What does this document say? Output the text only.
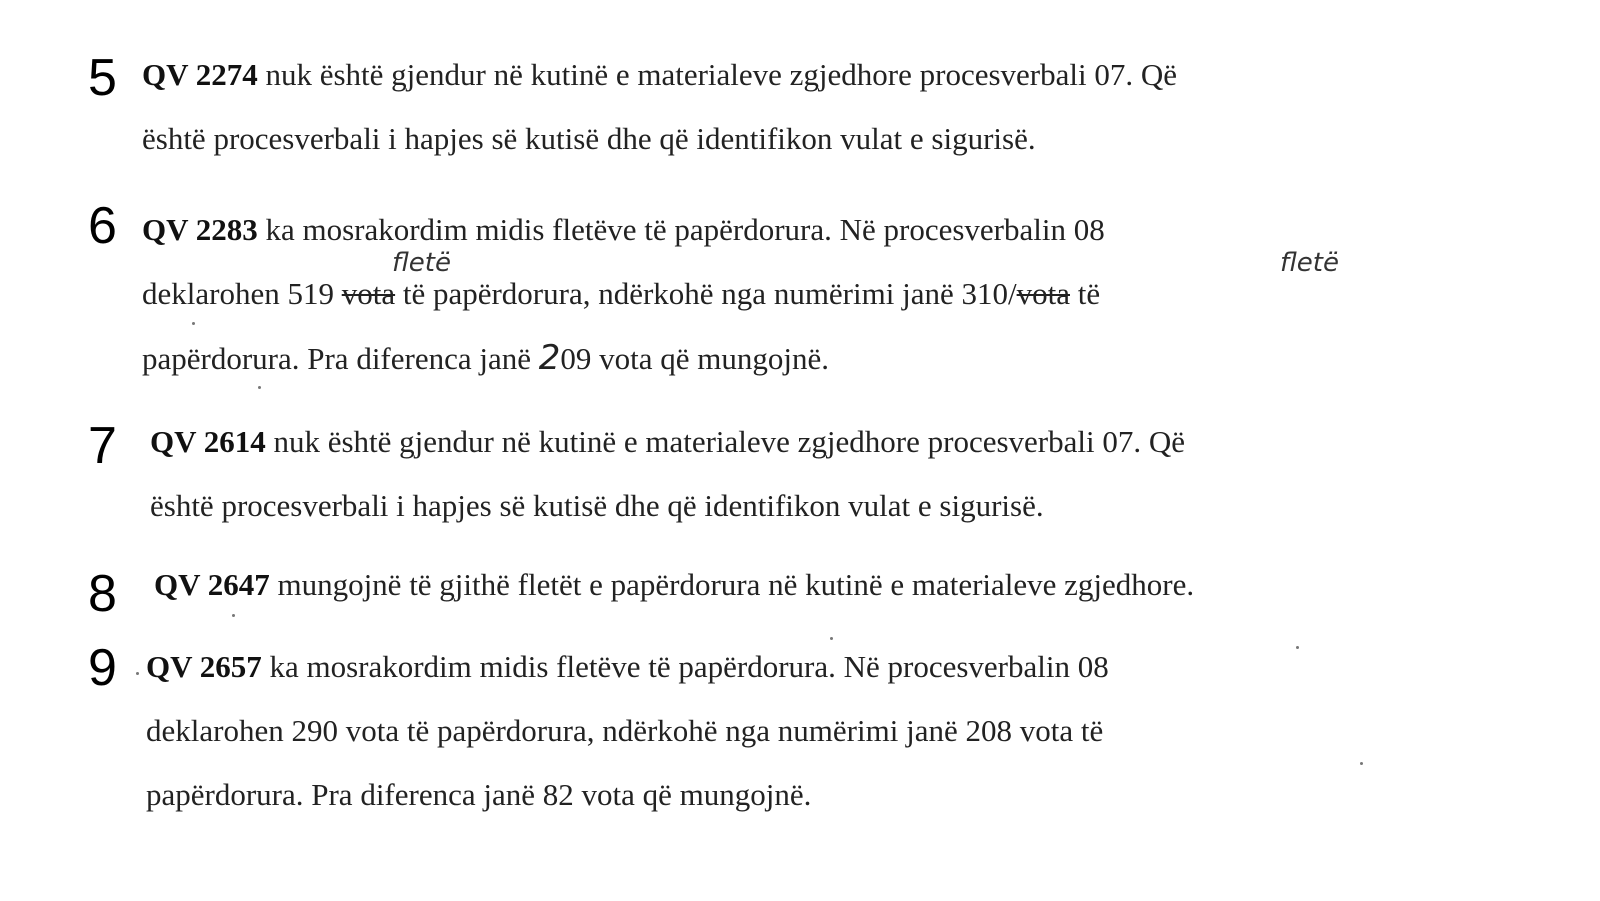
5 QV 2274 nuk është gjendur në kutinë e materialeve zgjedhore procesverbali 07. Që
është procesverbali i hapjes së kutisë dhe që identifikon vulat e sigurisë.
6 QV 2283 ka mosrakordim midis fletëve të papërdorura. Në procesverbalin 08
deklarohen 519 vota të papërdorura, ndërkohë nga numërimi janë 310/vota të
papërdorura. Pra diferenca janë 209 vota që mungojnë.
fletë	fletë
7 QV 2614 nuk është gjendur në kutinë e materialeve zgjedhore procesverbali 07. Që
është procesverbali i hapjes së kutisë dhe që identifikon vulat e sigurisë.
8 QV 2647 mungojnë të gjithë fletët e papërdorura në kutinë e materialeve zgjedhore.
9 QV 2657 ka mosrakordim midis fletëve të papërdorura. Në procesverbalin 08
deklarohen 290 vota të papërdorura, ndërkohë nga numërimi janë 208 vota të
papërdorura. Pra diferenca janë 82 vota që mungojnë.
